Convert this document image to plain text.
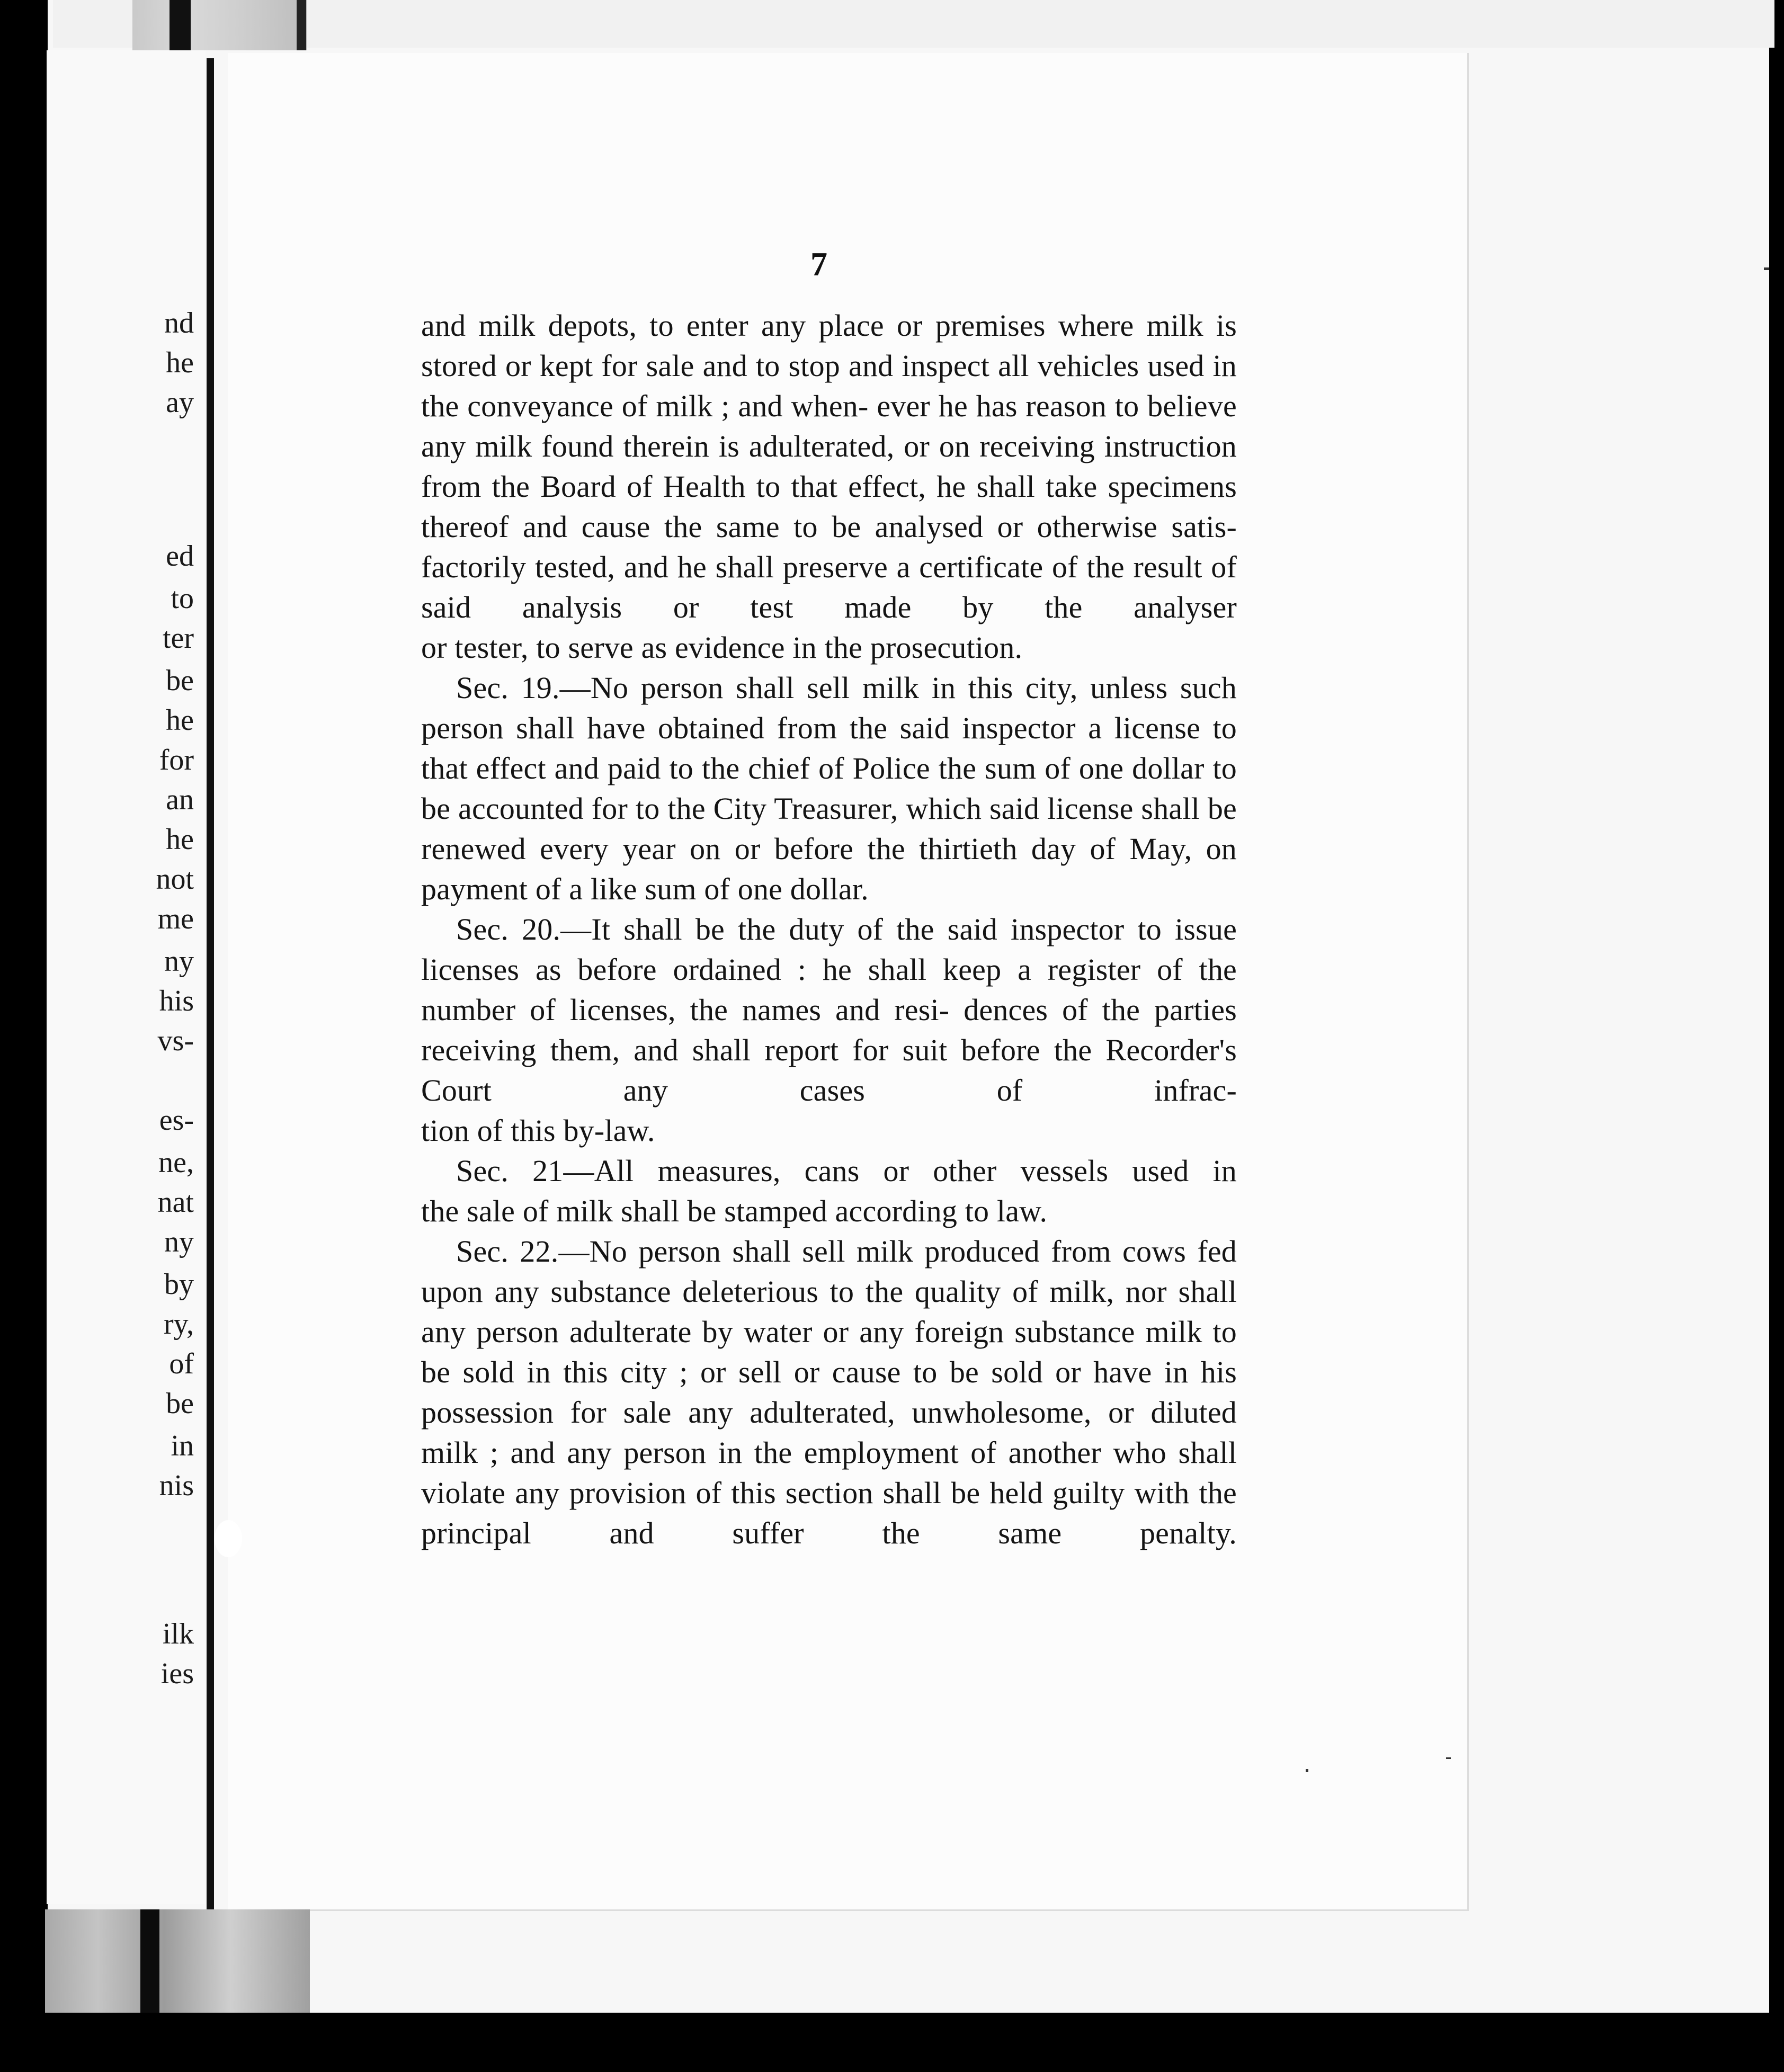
nd
he
ay
ed
to
ter
be
he
for
an
he
not
me
ny
his
vs-
es-
ne,
nat
ny
by
ry,
of
be
in
nis
ilk
ies
7

and milk depots, to enter any place or premises where milk is stored or kept for sale and to stop and inspect all vehicles used in the conveyance of milk ; and when- ever he has reason to believe any milk found therein is adulterated, or on receiving instruction from the Board of Health to that effect, he shall take specimens thereof and cause the same to be analysed or otherwise satis- factorily tested, and he shall preserve a certificate of the result of said analysis or test made by the analyser

or tester, to serve as evidence in the prosecution.

Sec. 19.—No person shall sell milk in this city, unless such person shall have obtained from the said inspector a license to that effect and paid to the chief of Police the sum of one dollar to be accounted for to the City Treasurer, which said license shall be renewed every year on or before the thirtieth day of May, on

payment of a like sum of one dollar.

Sec. 20.—It shall be the duty of the said inspector to issue licenses as before ordained : he shall keep a register of the number of licenses, the names and resi- dences of the parties receiving them, and shall report for suit before the Recorder's Court any cases of infrac-

tion of this by-law.

Sec. 21—All measures, cans or other vessels used in

the sale of milk shall be stamped according to law.

Sec. 22.—No person shall sell milk produced from cows fed upon any substance deleterious to the quality of milk, nor shall any person adulterate by water or any foreign substance milk to be sold in this city ; or sell or cause to be sold or have in his possession for sale any adulterated, unwholesome, or diluted milk ; and any person in the employment of another who shall violate any provision of this section shall be held guilty with the principal and suffer the same penalty.
